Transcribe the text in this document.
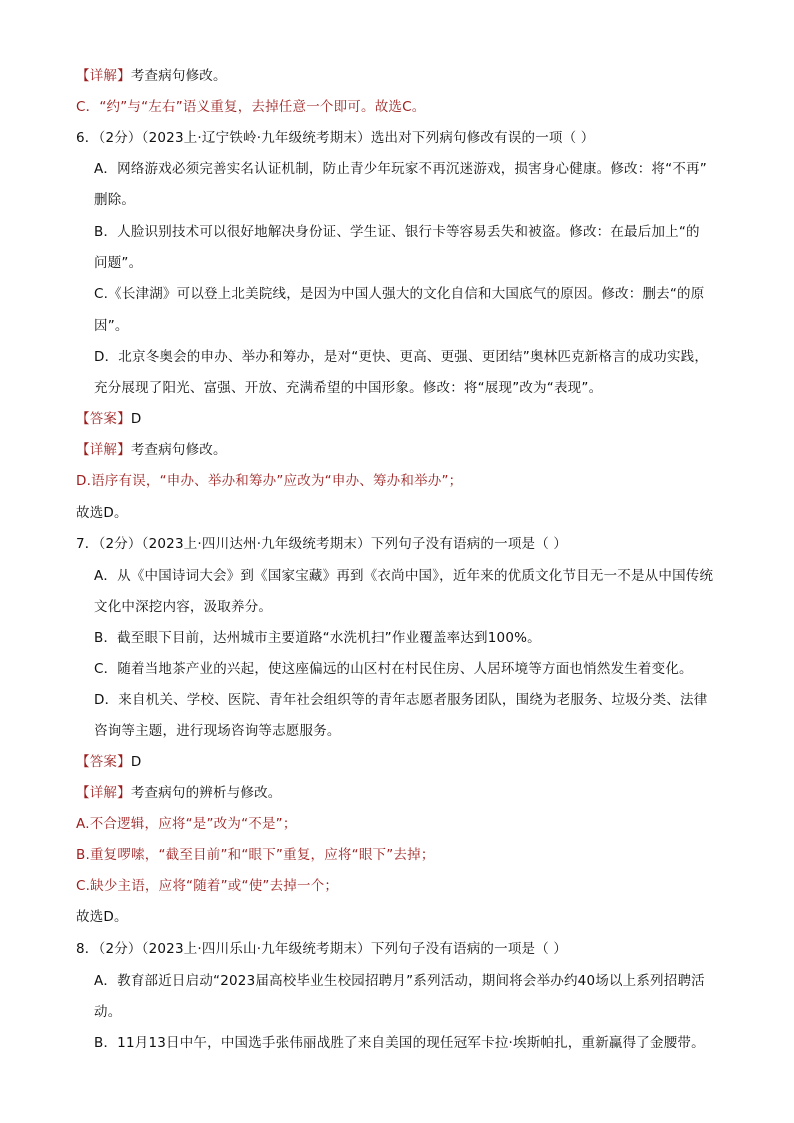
【详解】考查病句修改。
C．“约”与“左右”语义重复，去掉任意一个即可。故选C。
6．（2分）（2023上·辽宁铁岭·九年级统考期末）选出对下列病句修改有误的一项（ ）
A．网络游戏必须完善实名认证机制，防止青少年玩家不再沉迷游戏，损害身心健康。修改：将“不再”
删除。
B．人脸识别技术可以很好地解决身份证、学生证、银行卡等容易丢失和被盗。修改：在最后加上“的
问题”。
C.《长津湖》可以登上北美院线，是因为中国人强大的文化自信和大国底气的原因。修改：删去“的原
因”。
D．北京冬奥会的申办、举办和筹办，是对“更快、更高、更强、更团结”奥林匹克新格言的成功实践，
充分展现了阳光、富强、开放、充满希望的中国形象。修改：将“展现”改为“表现”。
【答案】D
【详解】考查病句修改。
D.语序有误，“申办、举办和筹办”应改为“申办、筹办和举办”；
故选D。
7．（2分）（2023上·四川达州·九年级统考期末）下列句子没有语病的一项是（ ）
A．从《中国诗词大会》到《国家宝藏》再到《衣尚中国》，近年来的优质文化节目无一不是从中国传统
文化中深挖内容，汲取养分。
B．截至眼下目前，达州城市主要道路“水洗机扫”作业覆盖率达到100%。
C．随着当地茶产业的兴起，使这座偏远的山区村在村民住房、人居环境等方面也悄然发生着变化。
D．来自机关、学校、医院、青年社会组织等的青年志愿者服务团队，围绕为老服务、垃圾分类、法律
咨询等主题，进行现场咨询等志愿服务。
【答案】D
【详解】考查病句的辨析与修改。
A.不合逻辑，应将“是”改为“不是”；
B.重复啰嗦，“截至目前”和“眼下”重复，应将“眼下”去掉；
C.缺少主语，应将“随着”或“使”去掉一个；
故选D。
8．（2分）（2023上·四川乐山·九年级统考期末）下列句子没有语病的一项是（ ）
A．教育部近日启动“2023届高校毕业生校园招聘月”系列活动，期间将会举办约40场以上系列招聘活
动。
B．11月13日中午，中国选手张伟丽战胜了来自美国的现任冠军卡拉·埃斯帕扎，重新赢得了金腰带。
